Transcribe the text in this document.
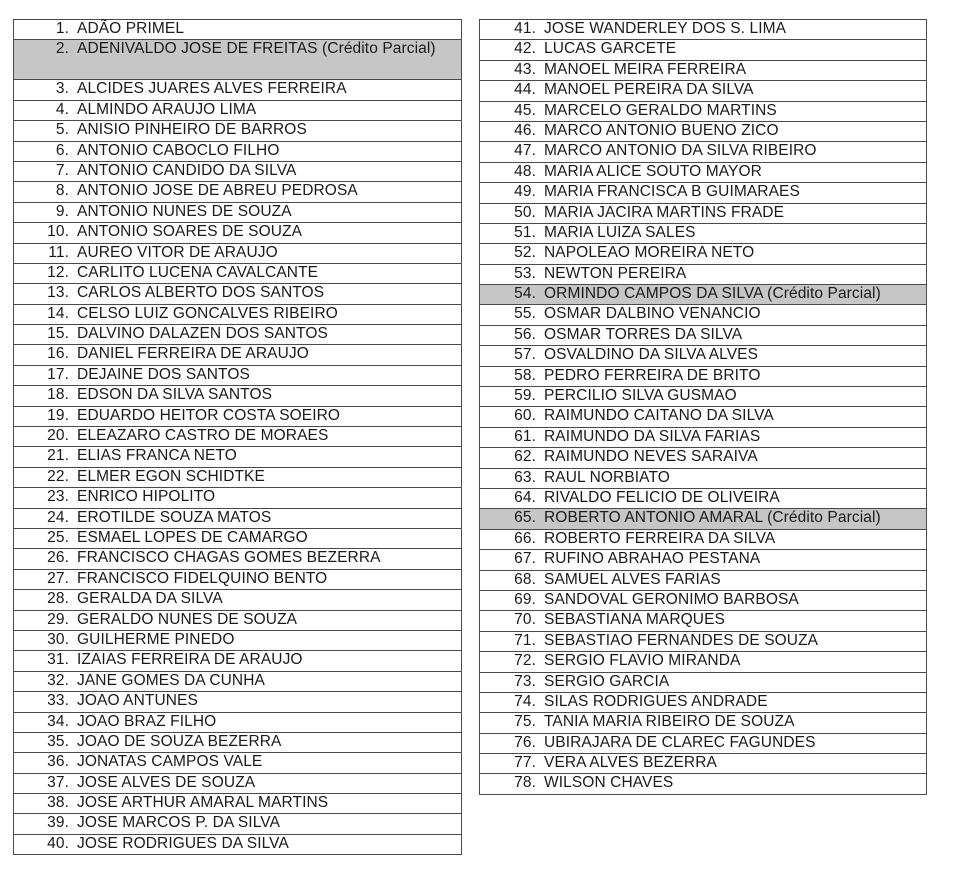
1. ADÃO PRIMEL

2. ADENIVALDO JOSE DE FREITAS (Crédito Parcial)

3. ALCIDES JUARES ALVES FERREIRA

4. ALMINDO ARAUJO LIMA

5. ANISIO PINHEIRO DE BARROS

6. ANTONIO CABOCLO FILHO

7. ANTONIO CANDIDO DA SILVA

8. ANTONIO JOSE DE ABREU PEDROSA

9. ANTONIO NUNES DE SOUZA

10. ANTONIO SOARES DE SOUZA

11. AUREO VITOR DE ARAUJO

12. CARLITO LUCENA CAVALCANTE

13. CARLOS ALBERTO DOS SANTOS

14. CELSO LUIZ GONCALVES RIBEIRO

15. DALVINO DALAZEN DOS SANTOS

16. DANIEL FERREIRA DE ARAUJO

17. DEJAINE DOS SANTOS

18. EDSON DA SILVA SANTOS

19. EDUARDO HEITOR COSTA SOEIRO

20. ELEAZARO CASTRO DE MORAES

21. ELIAS FRANCA NETO

22. ELMER EGON SCHIDTKE

23. ENRICO HIPOLITO

24. EROTILDE SOUZA MATOS

25. ESMAEL LOPES DE CAMARGO

26. FRANCISCO CHAGAS GOMES BEZERRA

27. FRANCISCO FIDELQUINO BENTO

28. GERALDA DA SILVA

29. GERALDO NUNES DE SOUZA

30. GUILHERME PINEDO

31. IZAIAS FERREIRA DE ARAUJO

32. JANE GOMES DA CUNHA

33. JOAO ANTUNES

34. JOAO BRAZ FILHO

35. JOAO DE SOUZA BEZERRA

36. JONATAS CAMPOS VALE

37. JOSE ALVES DE SOUZA

38. JOSE ARTHUR AMARAL MARTINS

39. JOSE MARCOS P. DA SILVA

40. JOSE RODRIGUES DA SILVA
41. JOSE WANDERLEY DOS S. LIMA

42. LUCAS GARCETE

43. MANOEL MEIRA FERREIRA

44. MANOEL PEREIRA DA SILVA

45. MARCELO GERALDO MARTINS

46. MARCO ANTONIO BUENO ZICO

47. MARCO ANTONIO DA SILVA RIBEIRO

48. MARIA ALICE SOUTO MAYOR

49. MARIA FRANCISCA B GUIMARAES

50. MARIA JACIRA MARTINS FRADE

51. MARIA LUIZA SALES

52. NAPOLEAO MOREIRA NETO

53. NEWTON PEREIRA

54. ORMINDO CAMPOS DA SILVA (Crédito Parcial)

55. OSMAR DALBINO VENANCIO

56. OSMAR TORRES DA SILVA

57. OSVALDINO DA SILVA ALVES

58. PEDRO FERREIRA DE BRITO

59. PERCILIO SILVA GUSMAO

60. RAIMUNDO CAITANO DA SILVA

61. RAIMUNDO DA SILVA FARIAS

62. RAIMUNDO NEVES SARAIVA

63. RAUL NORBIATO

64. RIVALDO FELICIO DE OLIVEIRA

65. ROBERTO ANTONIO AMARAL (Crédito Parcial)

66. ROBERTO FERREIRA DA SILVA

67. RUFINO ABRAHAO PESTANA

68. SAMUEL ALVES FARIAS

69. SANDOVAL GERONIMO BARBOSA

70. SEBASTIANA MARQUES

71. SEBASTIAO FERNANDES DE SOUZA

72. SERGIO FLAVIO MIRANDA

73. SERGIO GARCIA

74. SILAS RODRIGUES ANDRADE

75. TANIA MARIA RIBEIRO DE SOUZA

76. UBIRAJARA DE CLAREC FAGUNDES

77. VERA ALVES BEZERRA

78. WILSON CHAVES
